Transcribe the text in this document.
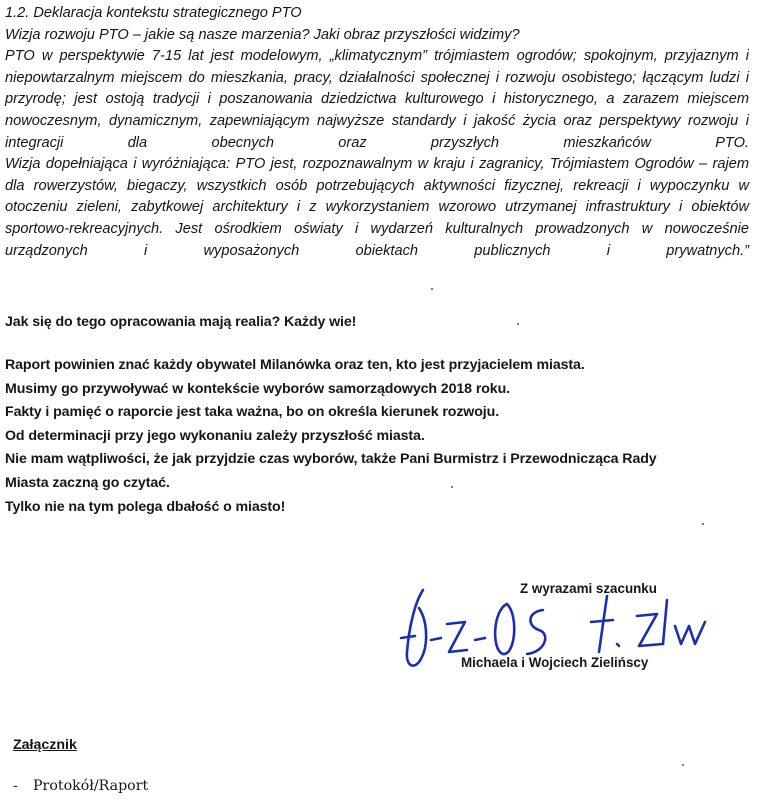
1.2. Deklaracja kontekstu strategicznego PTO

Wizja rozwoju PTO – jakie są nasze marzenia? Jaki obraz przyszłości widzimy?

PTO w perspektywie 7-15 lat jest modelowym, „klimatycznym” trójmiastem ogrodów; spokojnym, przyjaznym i niepowtarzalnym miejscem do mieszkania, pracy, działalności społecznej i rozwoju osobistego; łączącym ludzi i przyrodę; jest ostoją tradycji i poszanowania dziedzictwa kulturowego i historycznego, a zarazem miejscem nowoczesnym, dynamicznym, zapewniającym najwyższe standardy i jakość życia oraz perspektywy rozwoju i integracji dla obecnych oraz przyszłych mieszkańców PTO.

Wizja dopełniająca i wyróżniająca: PTO jest, rozpoznawalnym w kraju i zagranicy, Trójmiastem Ogrodów – rajem dla rowerzystów, biegaczy, wszystkich osób potrzebujących aktywności fizycznej, rekreacji i wypoczynku w otoczeniu zieleni, zabytkowej architektury i z wykorzystaniem wzorowo utrzymanej infrastruktury i obiektów sportowo-rekreacyjnych. Jest ośrodkiem oświaty i wydarzeń kulturalnych prowadzonych w nowocześnie urządzonych i wyposażonych obiektach publicznych i prywatnych.”

Jak się do tego opracowania mają realia? Każdy wie!

Raport powinien znać każdy obywatel Milanówka oraz ten, kto jest przyjacielem miasta.

Musimy go przywoływać w kontekście wyborów samorządowych 2018 roku.

Fakty i pamięć o raporcie jest taka ważna, bo on określa kierunek rozwoju.

Od determinacji przy jego wykonaniu zależy przyszłość miasta.

Nie mam wątpliwości, że jak przyjdzie czas wyborów, także Pani Burmistrz i Przewodnicząca Rady

Miasta zaczną go czytać.

Tylko nie na tym polega dbałość o miasto!

Z wyrazami szacunku
Michaela i Wojciech Zielińscy
Załącznik
- Protokół/Raport
